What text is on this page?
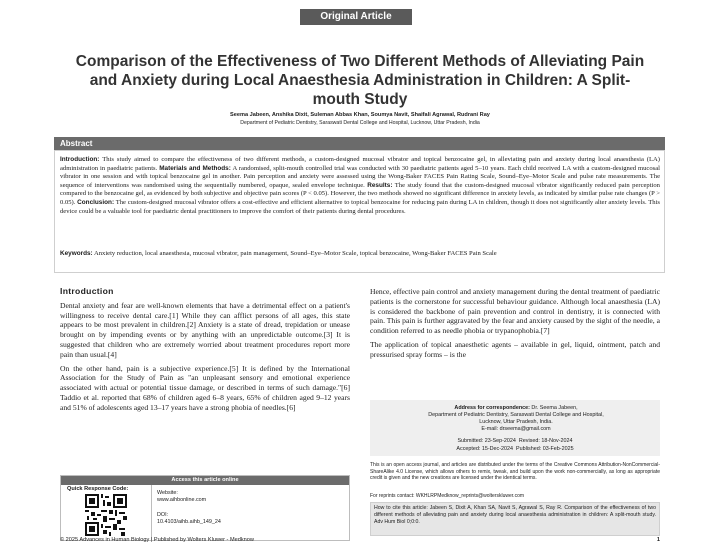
Original Article
Comparison of the Effectiveness of Two Different Methods of Alleviating Pain and Anxiety during Local Anaesthesia Administration in Children: A Split-mouth Study
Seema Jabeen, Anshika Dixit, Suleman Abbas Khan, Soumya Navit, Shaifali Agrawal, Rudrani Ray
Department of Pediatric Dentistry, Saraswati Dental College and Hospital, Lucknow, Uttar Pradesh, India
Abstract
Introduction: This study aimed to compare the effectiveness of two different methods, a custom-designed mucosal vibrator and topical benzocaine gel, in alleviating pain and anxiety during local anaesthesia (LA) administration in paediatric patients. Materials and Methods: A randomised, split-mouth controlled trial was conducted with 30 paediatric patients aged 5–10 years. Each child received LA with a custom-designed mucosal vibrator in one session and with topical benzocaine gel in another. Pain perception and anxiety were assessed using the Wong-Baker FACES Pain Rating Scale, Sound–Eye–Motor Scale and pulse rate measurements. The sequence of interventions was randomised using the sequentially numbered, opaque, sealed envelope technique. Results: The study found that the custom-designed mucosal vibrator significantly reduced pain perception compared to the benzocaine gel, as evidenced by both subjective and objective pain scores (P < 0.05). However, the two methods showed no significant difference in anxiety levels, as indicated by similar pulse rate changes (P > 0.05). Conclusion: The custom-designed mucosal vibrator offers a cost-effective and efficient alternative to topical benzocaine for reducing pain during LA in children, though it does not significantly alter anxiety levels. This device could be a valuable tool for paediatric dental practitioners to improve the comfort of their patients during dental procedures.
Keywords: Anxiety reduction, local anaesthesia, mucosal vibrator, pain management, Sound–Eye–Motor Scale, topical benzocaine, Wong-Baker FACES Pain Scale
Introduction
Dental anxiety and fear are well-known elements that have a detrimental effect on a patient's willingness to receive dental care.[1] While they can afflict persons of all ages, this state appears to be most prevalent in children.[2] Anxiety is a state of dread, trepidation or unease brought on by impending events or by anything with an unpredictable outcome.[3] It is suggested that children who are extremely worried about treatment procedures report more pain than usual.[4]
On the other hand, pain is a subjective experience.[5] It is defined by the International Association for the Study of Pain as "an unpleasant sensory and emotional experience associated with actual or potential tissue damage, or described in terms of such damage."[6] Taddio et al. reported that 68% of children aged 6–8 years, 65% of children aged 9–12 years and 51% of adolescents aged 13–17 years have a strong phobia of needles.[6]
Hence, effective pain control and anxiety management during the dental treatment of paediatric patients is the cornerstone for successful behaviour guidance. Although local anaesthesia (LA) is considered the backbone of pain prevention and control in dentistry, it is connected with pain. This pain is further aggravated by the fear and anxiety caused by the sight of the needle, a condition referred to as needle phobia or trypanophobia.[7]
The application of topical anaesthetic agents – available in gel, liquid, ointment, patch and pressurised spray forms – is the
Access this article online
Quick Response Code:
Website:
www.aihbonline.com
DOI:
10.4103/aihb.aihb_149_24
Address for correspondence: Dr. Seema Jabeen,
Department of Pediatric Dentistry, Saraswati Dental College and Hospital,
Lucknow, Uttar Pradesh, India.
E-mail: drseema@gmail.com
Submitted: 23-Sep-2024 Revised: 18-Nov-2024
Accepted: 15-Dec-2024 Published: 03-Feb-2025
This is an open access journal, and articles are distributed under the terms of the Creative Commons Attribution-NonCommercial-ShareAlike 4.0 License, which allows others to remix, tweak, and build upon the work non-commercially, as long as appropriate credit is given and the new creations are licensed under the identical terms.
For reprints contact: WKHLRPMedknow_reprints@wolterskluwer.com
How to cite this article: Jabeen S, Dixit A, Khan SA, Navit S, Agrawal S, Ray R. Comparison of the effectiveness of two different methods of alleviating pain and anxiety during local anaesthesia administration in children: A split-mouth study. Adv Hum Biol 0;0:0.
© 2025 Advances in Human Biology | Published by Wolters Kluwer - Medknow	1
